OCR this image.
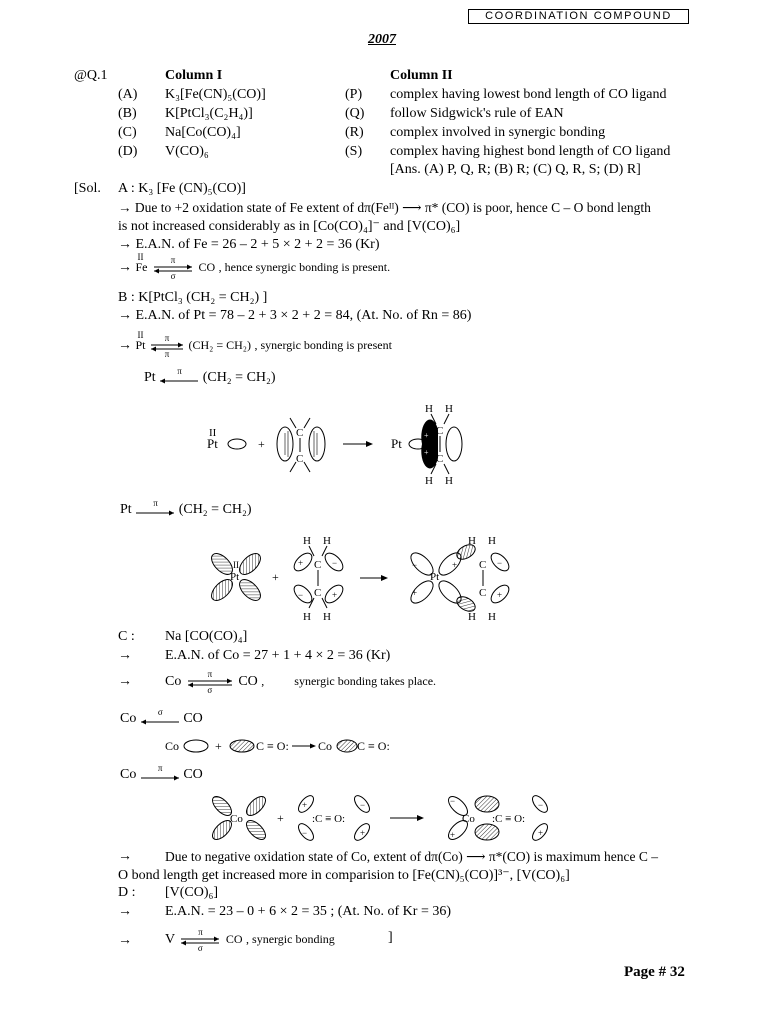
COORDINATION COMPOUND
2007
@Q.1	Column I	Column II
(A) K₃[Fe(CN)₅(CO)]	(P) complex having lowest bond length of CO ligand
(B) K[PtCl₃(C₂H₄)]	(Q) follow Sidgwick's rule of EAN
(C) Na[Co(CO)₄]	(R) complex involved in synergic bonding
(D) V(CO)₆	(S) complex having highest bond length of CO ligand
[Ans. (A) P, Q, R; (B) R; (C) Q, R, S; (D) R]
[Sol. A : K₃ [Fe (CN)₅(CO)]
→ Due to +2 oxidation state of Fe extent of dπ(Feᴵᴵ) ⟶ π* (CO) is poor, hence C – O bond length
is not increased considerably as in [Co(CO)₄]⁻ and [V(CO)₆]
→ E.A.N. of Fe = 26 – 2 + 5 × 2 + 2 = 36 (Kr)
→
II
Fe
π
σ
CO , hence synergic bonding is present.
B : K[PtCl₃ (CH₂ = CH₂) ]
→ E.A.N. of Pt = 78 – 2 + 3 × 2 + 2 = 84, (At. No. of Rn = 86)
→
II
Pt
π
π
(CH₂ = CH₂) , synergic bonding is present
Pt π (CH₂ = CH₂)
II
Pt	+
C
C
Pt
H H
C
C
H H
+
+
Pt π (CH₂ = CH₂)
II
Pt	+
H H
C
C
H H
+	−
−	+
Pt
−
+
+
H H
C
C
H H
−
+
C : Na [CO(CO)₄]
→ E.A.N. of Co = 27 + 1 + 4 × 2 = 36 (Kr)
→ Co
π
σ
CO ,          synergic bonding takes place.
Co σ CO
Co	+	C ≡ O: Co C ≡ O:
Co π CO
Co	+	:C ≡ O:
+	−
−	+
Co :C ≡ O:
−
+
−
+
→ Due to negative oxidation state of Co, extent of dπ(Co) ⟶ π*(CO) is maximum hence C –
O bond length get increased more in comparision to [Fe(CN)₅(CO)]³⁻, [V(CO)₆]
D : [V(CO)₆]
→ E.A.N. = 23 – 0 + 6 × 2 = 35 ; (At. No. of Kr = 36)
→ V
π
σ
CO , synergic bonding	]
Page # 32
